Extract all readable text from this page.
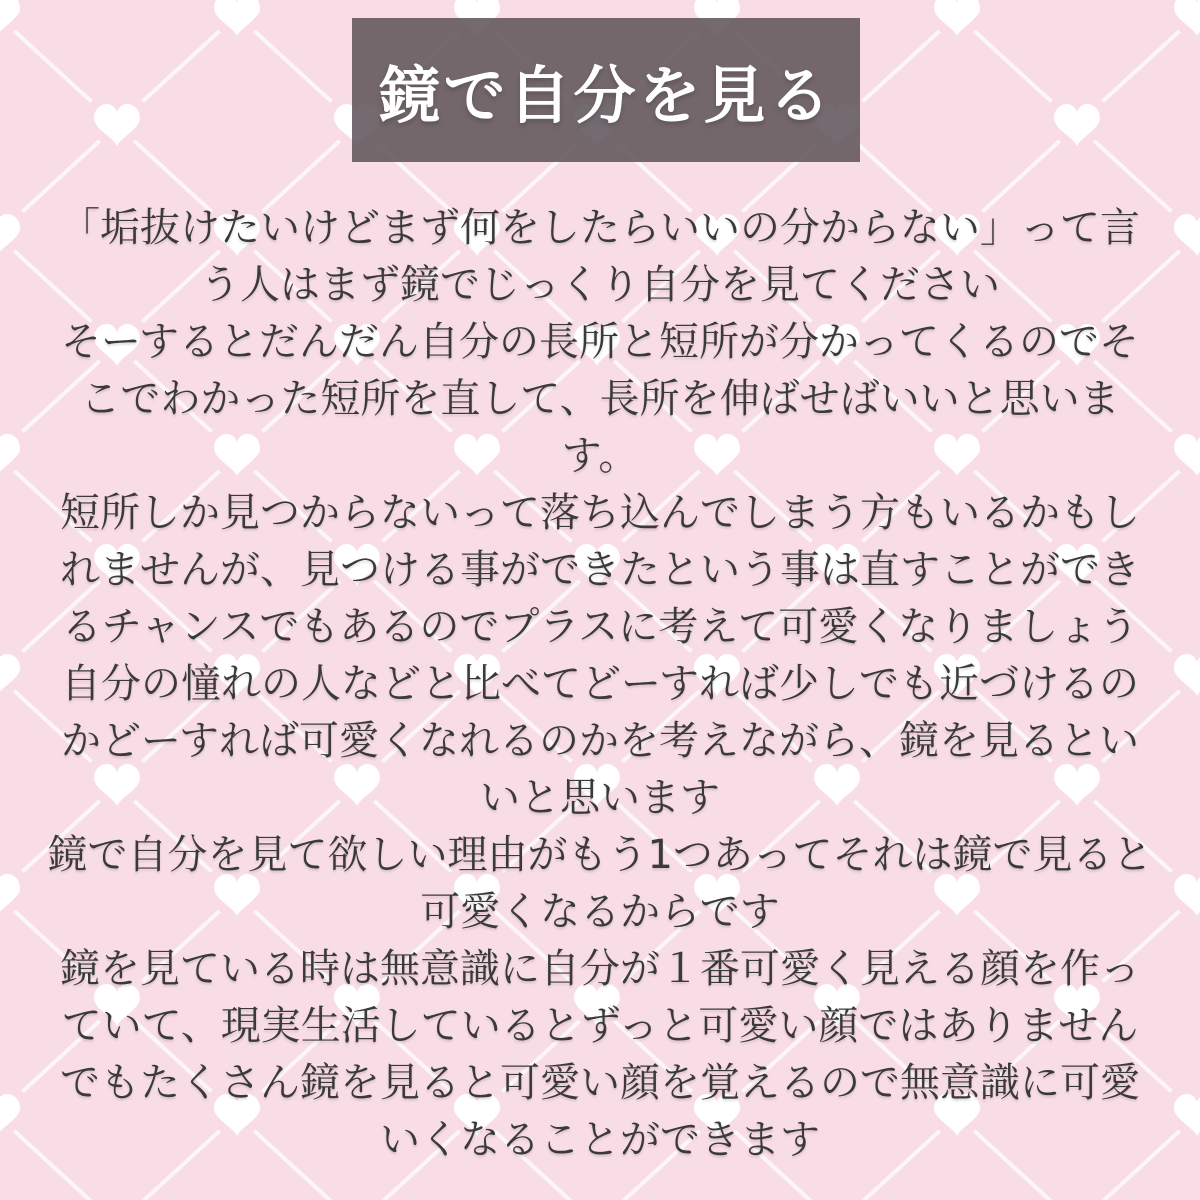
鏡で自分を見る
「垢抜けたいけどまず何をしたらいいの分からない」って言
う人はまず鏡でじっくり自分を見てください
そーするとだんだん自分の長所と短所が分かってくるのでそ
こでわかった短所を直して、長所を伸ばせばいいと思いま
す。
短所しか見つからないって落ち込んでしまう方もいるかもし
れませんが、見つける事ができたという事は直すことができ
るチャンスでもあるのでプラスに考えて可愛くなりましょう
自分の憧れの人などと比べてどーすれば少しでも近づけるの
かどーすれば可愛くなれるのかを考えながら、鏡を見るとい
いと思います
鏡で自分を見て欲しい理由がもう1つあってそれは鏡で見ると
可愛くなるからです
鏡を見ている時は無意識に自分が１番可愛く見える顔を作っ
ていて、現実生活しているとずっと可愛い顔ではありません
でもたくさん鏡を見ると可愛い顔を覚えるので無意識に可愛
いくなることができます
